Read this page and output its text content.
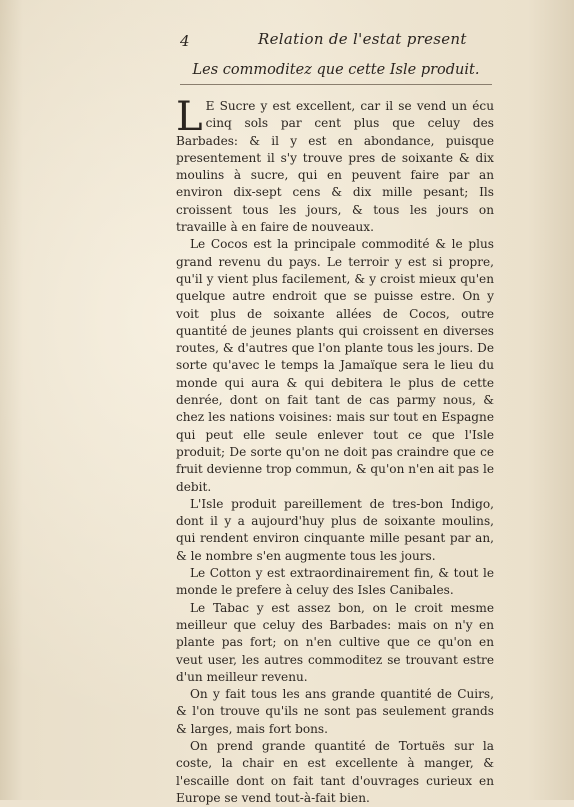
4	Relation de l'estat present
Les commoditez que cette Isle produit.

L E Sucre y est excellent, car il se vend un écu cinq sols par cent plus que celuy des Barbades: & il y est en abondance, puisque presentement il s'y trouve pres de soixante & dix moulins à sucre, qui en peuvent faire par an environ dix-sept cens & dix mille pesant; Ils croissent tous les jours, & tous les jours on travaille à en faire de nouveaux.

Le Cocos est la principale commodité & le plus grand revenu du pays. Le terroir y est si propre, qu'il y vient plus facilement, & y croist mieux qu'en quelque autre endroit que se puisse estre. On y voit plus de soixante allées de Cocos, outre quantité de jeunes plants qui croissent en diverses routes, & d'autres que l'on plante tous les jours. De sorte qu'avec le temps la Jamaïque sera le lieu du monde qui aura & qui debitera le plus de cette denrée, dont on fait tant de cas parmy nous, & chez les nations voisines: mais sur tout en Espagne qui peut elle seule enlever tout ce que l'Isle produit; De sorte qu'on ne doit pas craindre que ce fruit devienne trop commun, & qu'on n'en ait pas le debit.

L'Isle produit pareillement de tres-bon Indigo, dont il y a aujourd'huy plus de soixante moulins, qui rendent environ cinquante mille pesant par an, & le nombre s'en augmente tous les jours.

Le Cotton y est extraordinairement fin, & tout le monde le prefere à celuy des Isles Canibales.

Le Tabac y est assez bon, on le croit mesme meilleur que celuy des Barbades: mais on n'y en plante pas fort; on n'en cultive que ce qu'on en veut user, les autres commoditez se trouvant estre d'un meilleur revenu.

On y fait tous les ans grande quantité de Cuirs, & l'on trouve qu'ils ne sont pas seulement grands & larges, mais fort bons.

On prend grande quantité de Tortuës sur la coste, la chair en est excellente à manger, & l'escaille dont on fait tant d'ouvrages curieux en Europe se vend tout-à-fait bien.
